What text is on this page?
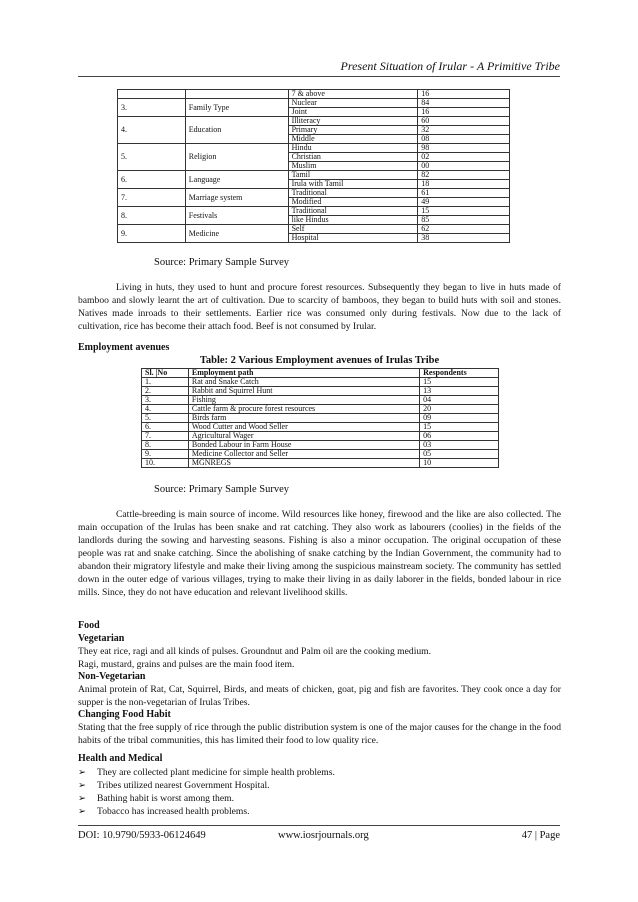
Present Situation of Irular - A Primitive Tribe
		7 & above	16
3.	Family Type	Nuclear	84
		Joint	16
4.	Education	Illiteracy	60
		Primary	32
		Middle	08
5.	Religion	Hindu	98
		Christian	02
		Muslim	00
6.	Language	Tamil	82
		Irula with Tamil	18
7.	Marriage system	Traditional	61
		Modified	49
8.	Festivals	Traditional	15
		like Hindus	85
9.	Medicine	Self	62
		Hospital	38
Source: Primary Sample Survey

Living in huts, they used to hunt and procure forest resources. Subsequently they began to live in huts made of bamboo and slowly learnt the art of cultivation. Due to scarcity of bamboos, they began to build huts with soil and stones. Natives made inroads to their settlements. Earlier rice was consumed only during festivals. Now due to the lack of cultivation, rice has become their attach food. Beef is not consumed by Irular.

Employment avenues

Table: 2 Various Employment avenues of Irulas Tribe

Sl. |No	Employment path	Respondents
1.	Rat and Snake Catch	15
2.	Rabbit and Squirrel Hunt	13
3.	Fishing	04
4.	Cattle farm & procure forest resources	20
5.	Birds farm	09
6.	Wood Cutter and Wood Seller	15
7.	Agricultural Wager	06
8.	Bonded Labour in Farm House	03
9.	Medicine Collector and Seller	05
10.	MGNREGS	10
Source: Primary Sample Survey

Cattle-breeding is main source of income. Wild resources like honey, firewood and the like are also collected. The main occupation of the Irulas has been snake and rat catching. They also work as labourers (coolies) in the fields of the landlords during the sowing and harvesting seasons. Fishing is also a minor occupation. The original occupation of these people was rat and snake catching. Since the abolishing of snake catching by the Indian Government, the community had to abandon their migratory lifestyle and make their living among the suspicious mainstream society. The community has settled down in the outer edge of various villages, trying to make their living in as daily laborer in the fields, bonded labour in rice mills. Since, they do not have education and relevant livelihood skills.

Food

Vegetarian

They eat rice, ragi and all kinds of pulses. Groundnut and Palm oil are the cooking medium.

Ragi, mustard, grains and pulses are the main food item.

Non-Vegetarian

Animal protein of Rat, Cat, Squirrel, Birds, and meats of chicken, goat, pig and fish are favorites. They cook once a day for supper is the non-vegetarian of Irulas Tribes.

Changing Food Habit

Stating that the free supply of rice through the public distribution system is one of the major causes for the change in the food habits of the tribal communities, this has limited their food to low quality rice.

Health and Medical

➢ They are collected plant medicine for simple health problems.
➢ Tribes utilized nearest Government Hospital.
➢ Bathing habit is worst among them.
➢ Tobacco has increased health problems.
DOI: 10.9790/5933-06124649	www.iosrjournals.org	47 | Page
